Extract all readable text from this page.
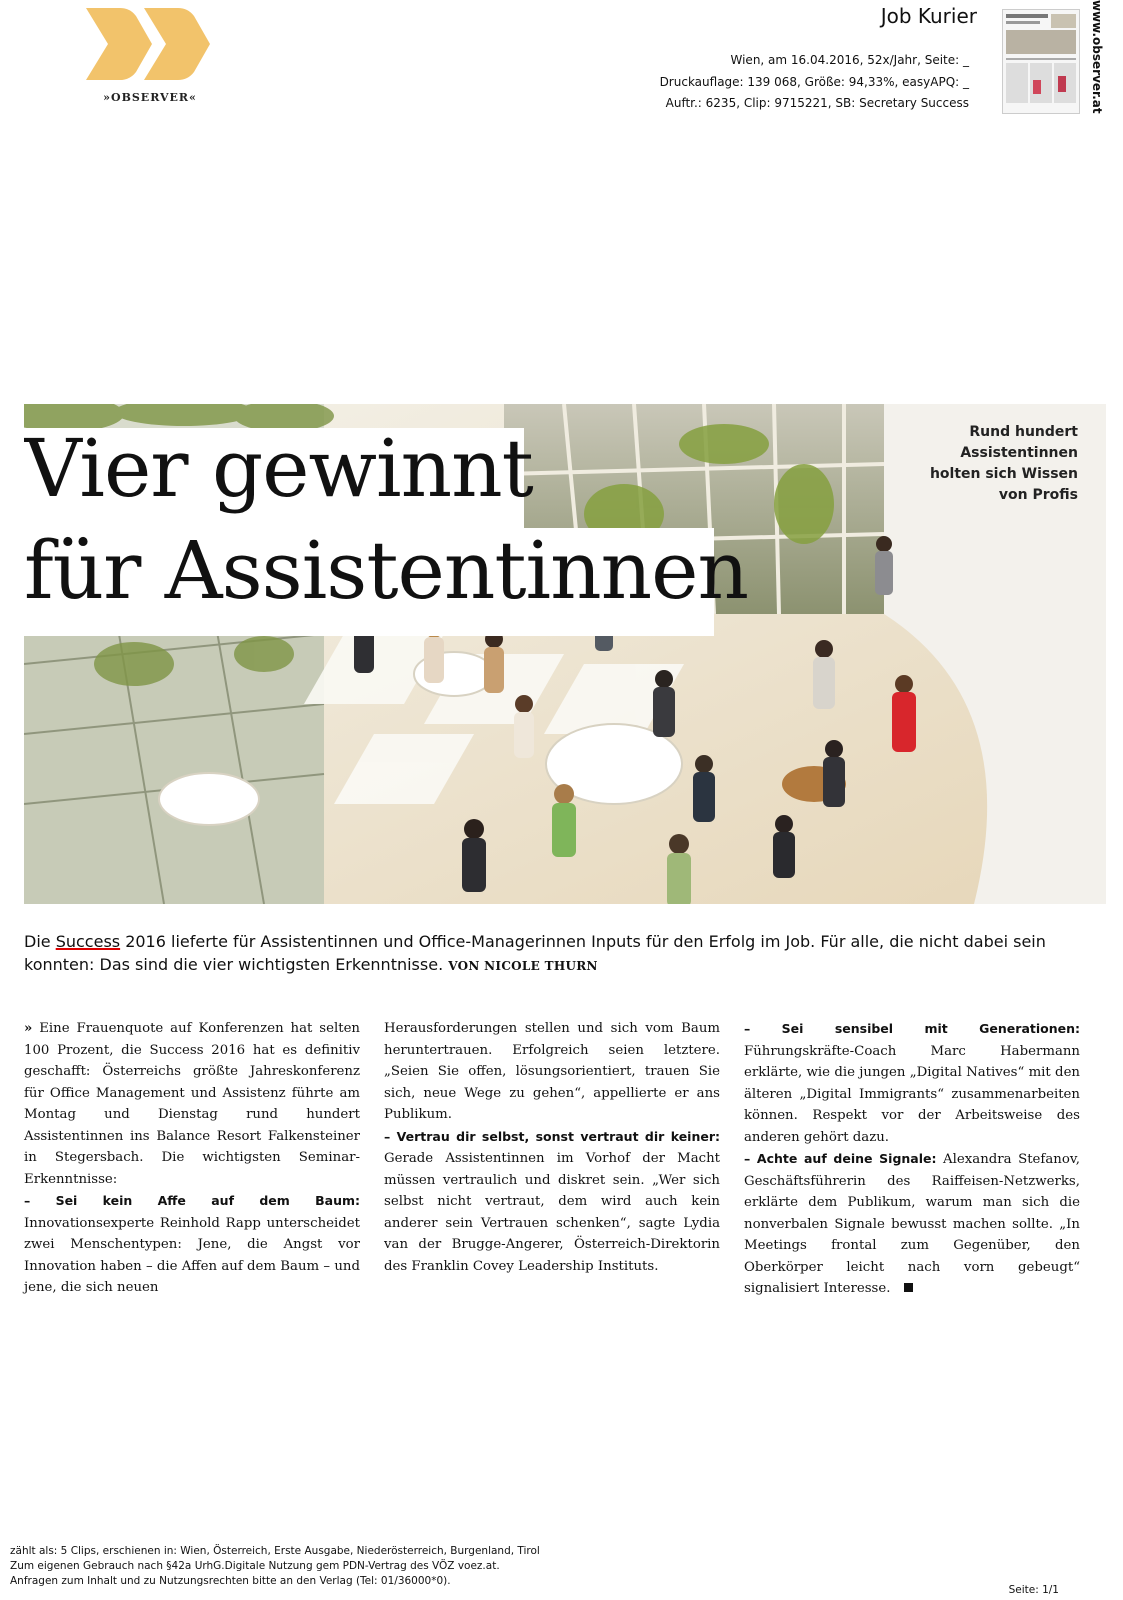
»OBSERVER«
Job Kurier
Wien, am 16.04.2016, 52x/Jahr, Seite: _
Druckauflage: 139 068, Größe: 94,33%, easyAPQ: _
Auftr.: 6235, Clip: 9715221, SB: Secretary Success	www.observer.at
Vier gewinnt
für Assistentinnen
Rund hundert Assistentinnen holten sich Wissen von Profis
Die Success 2016 lieferte für Assistentinnen und Office-Managerinnen Inputs für den Erfolg im Job. Für alle, die nicht dabei sein konnten: Das sind die vier wichtigsten Erkenntnisse. VON NICOLE THURN

» Eine Frauenquote auf Konferenzen hat selten 100 Prozent, die Success 2016 hat es definitiv geschafft: Österreichs größte Jahreskonferenz für Office Management und Assistenz führte am Montag und Dienstag rund hundert Assistentinnen ins Balance Resort Falkensteiner in Stegersbach. Die wichtigsten Seminar-Erkenntnisse:

– Sei kein Affe auf dem Baum: Innovationsexperte Reinhold Rapp unterscheidet zwei Menschentypen: Jene, die Angst vor Innovation haben – die Affen auf dem Baum – und jene, die sich neuen

Herausforderungen stellen und sich vom Baum heruntertrauen. Erfolgreich seien letztere. „Seien Sie offen, lösungsorientiert, trauen Sie sich, neue Wege zu gehen“, appellierte er ans Publikum.

– Vertrau dir selbst, sonst vertraut dir keiner: Gerade Assistentinnen im Vorhof der Macht müssen vertraulich und diskret sein. „Wer sich selbst nicht vertraut, dem wird auch kein anderer sein Vertrauen schenken“, sagte Lydia van der Brugge-Angerer, Österreich-Direktorin des Franklin Covey Leadership Instituts.

– Sei sensibel mit Generationen: Führungskräfte-Coach Marc Habermann erklärte, wie die jungen „Digital Natives“ mit den älteren „Digital Immigrants“ zusammenarbeiten können. Respekt vor der Arbeitsweise des anderen gehört dazu.

– Achte auf deine Signale: Alexandra Stefanov, Geschäftsführerin des Raiffeisen-Netzwerks, erklärte dem Publikum, warum man sich die nonverbalen Signale bewusst machen sollte. „In Meetings frontal zum Gegenüber, den Oberkörper leicht nach vorn gebeugt“ signalisiert Interesse.

zählt als: 5 Clips, erschienen in: Wien, Österreich, Erste Ausgabe, Niederösterreich, Burgenland, Tirol
Zum eigenen Gebrauch nach §42a UrhG.Digitale Nutzung gem PDN-Vertrag des VÖZ voez.at.
Anfragen zum Inhalt und zu Nutzungsrechten bitte an den Verlag (Tel: 01/36000*0).
Seite: 1/1
